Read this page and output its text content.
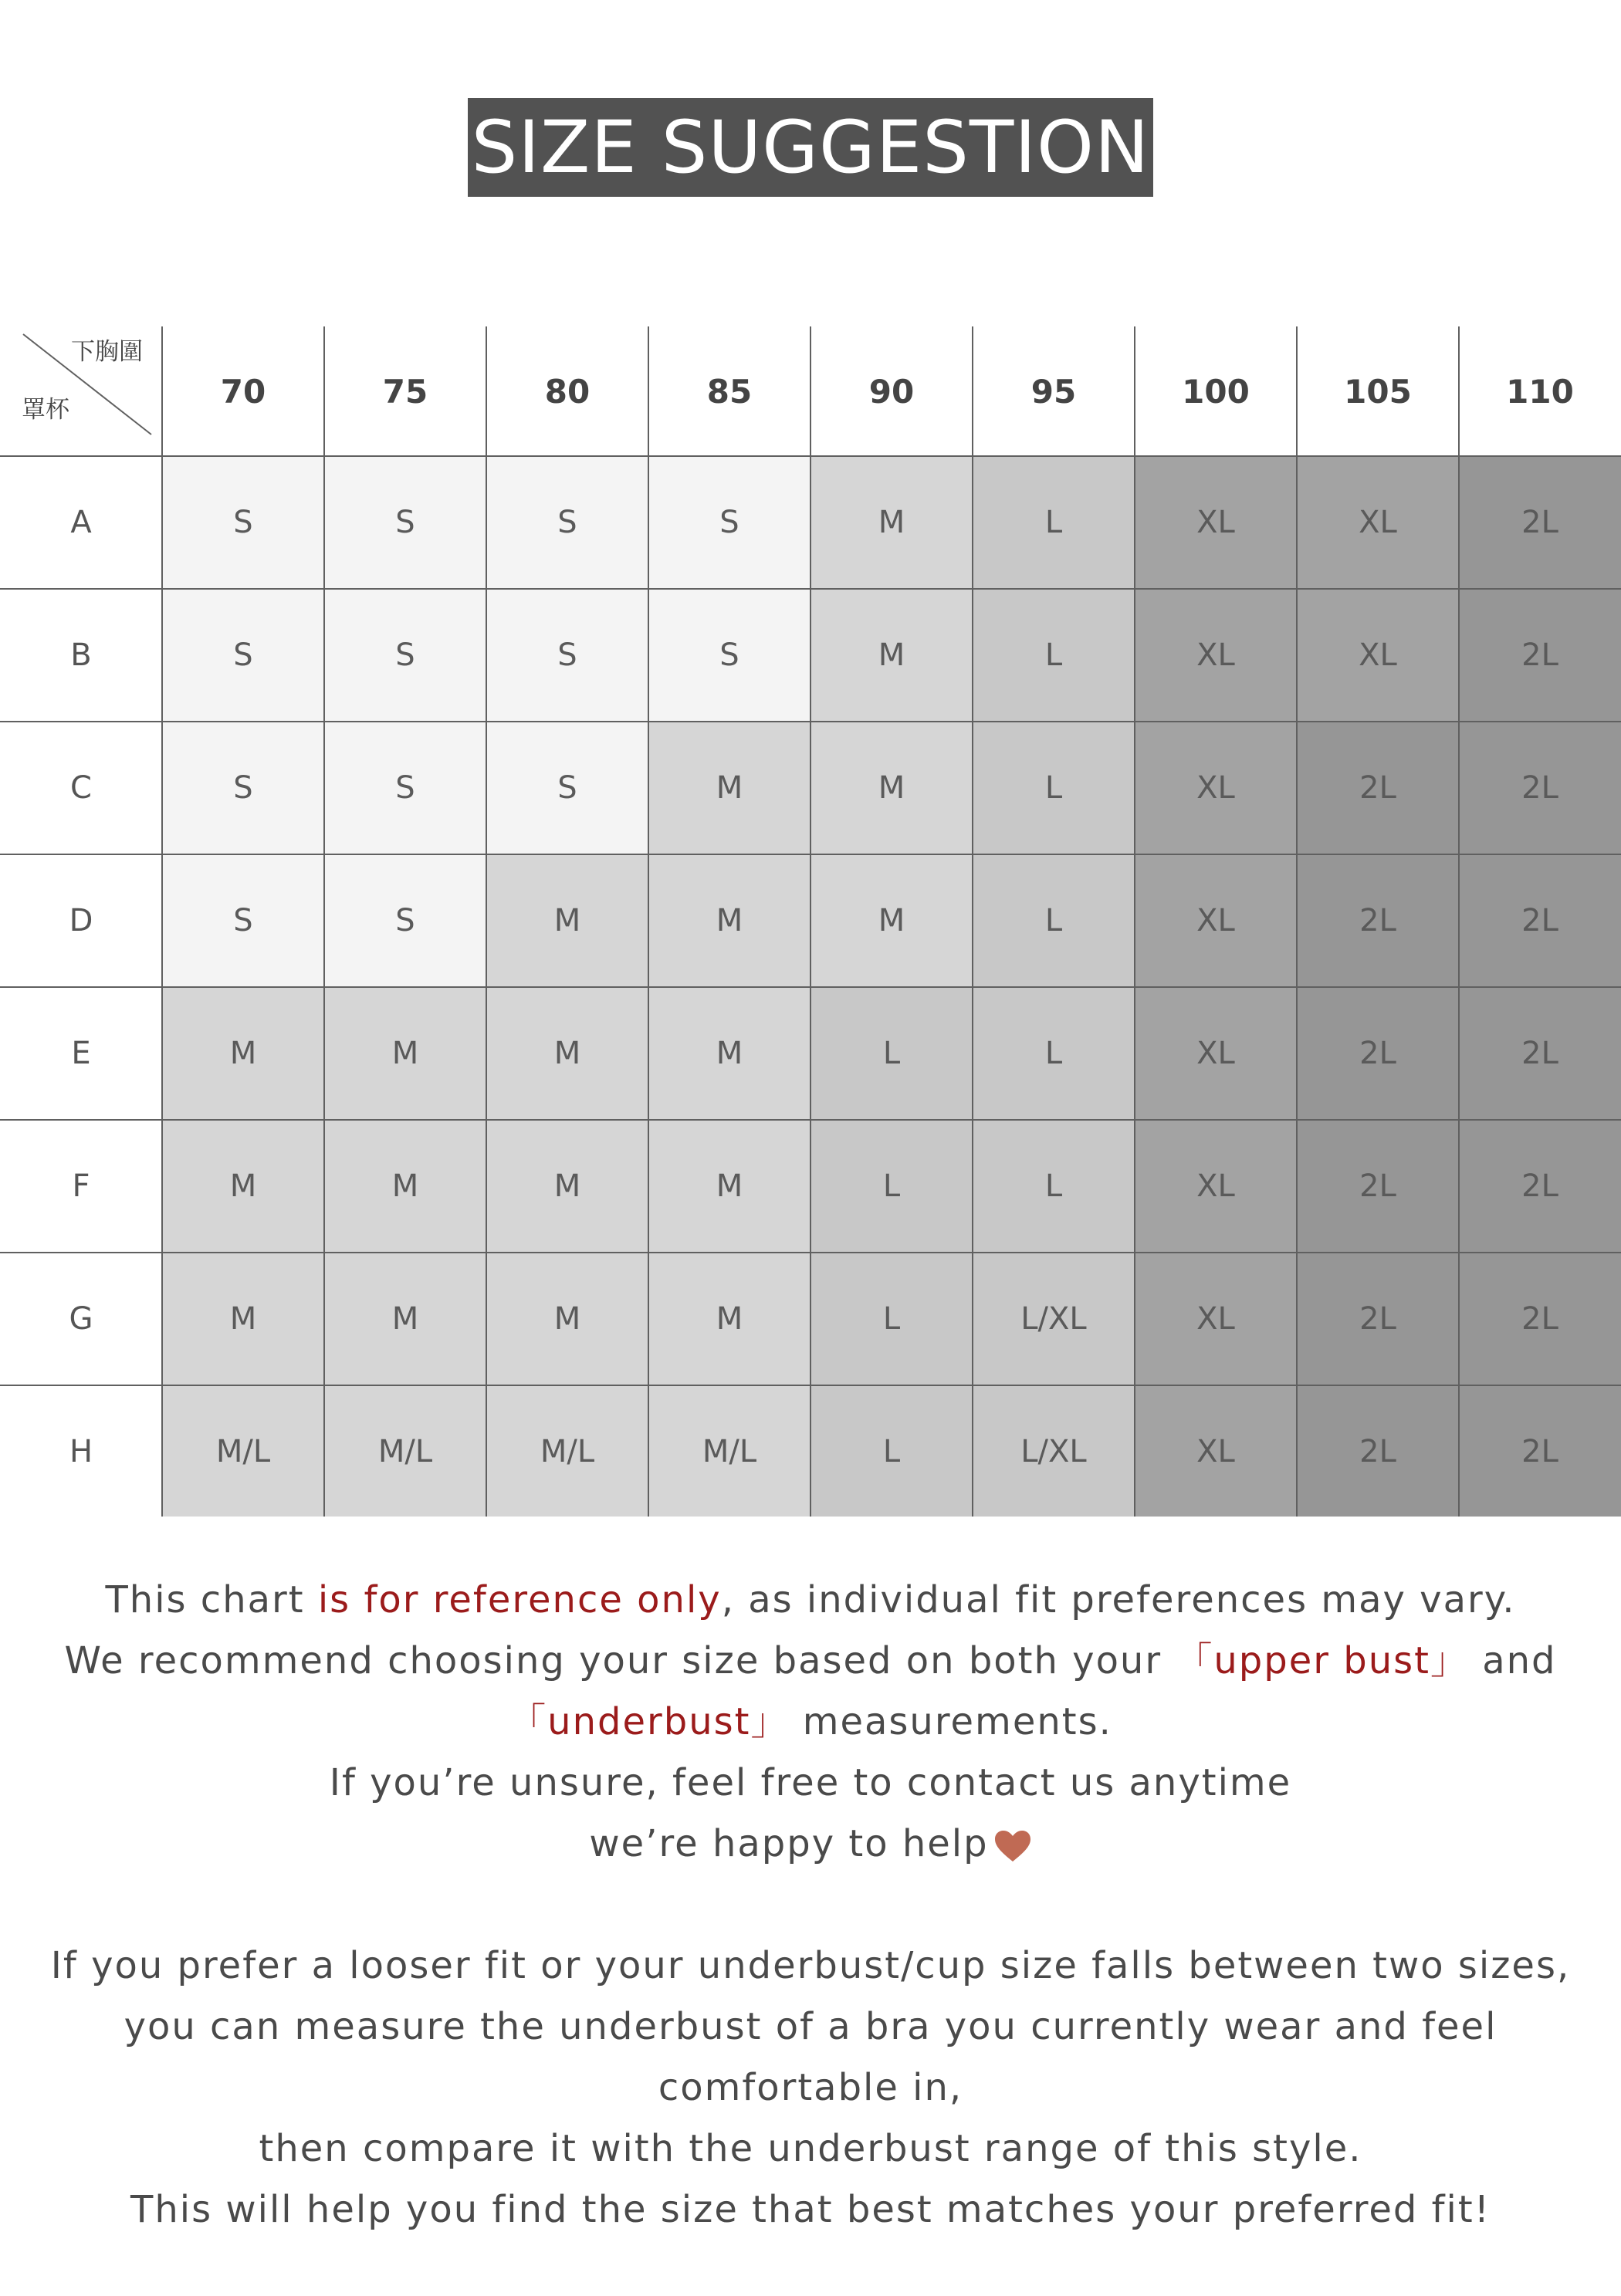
SIZE SUGGESTION
下胸圍
罩杯	70	75	80	85	90	95	100	105	110
A	S	S	S	S	M	L	XL	XL	2L
B	S	S	S	S	M	L	XL	XL	2L
C	S	S	S	M	M	L	XL	2L	2L
D	S	S	M	M	M	L	XL	2L	2L
E	M	M	M	M	L	L	XL	2L	2L
F	M	M	M	M	L	L	XL	2L	2L
G	M	M	M	M	L	L/XL	XL	2L	2L
H	M/L	M/L	M/L	M/L	L	L/XL	XL	2L	2L
This chart is for reference only, as individual fit preferences may vary.
We recommend choosing your size based on both your 「upper bust」 and
「underbust」 measurements.
If you’re unsure, feel free to contact us anytime
we’re happy to help
If you prefer a looser fit or your underbust/cup size falls between two sizes,
you can measure the underbust of a bra you currently wear and feel
comfortable in,
then compare it with the underbust range of this style.
This will help you find the size that best matches your preferred fit!
